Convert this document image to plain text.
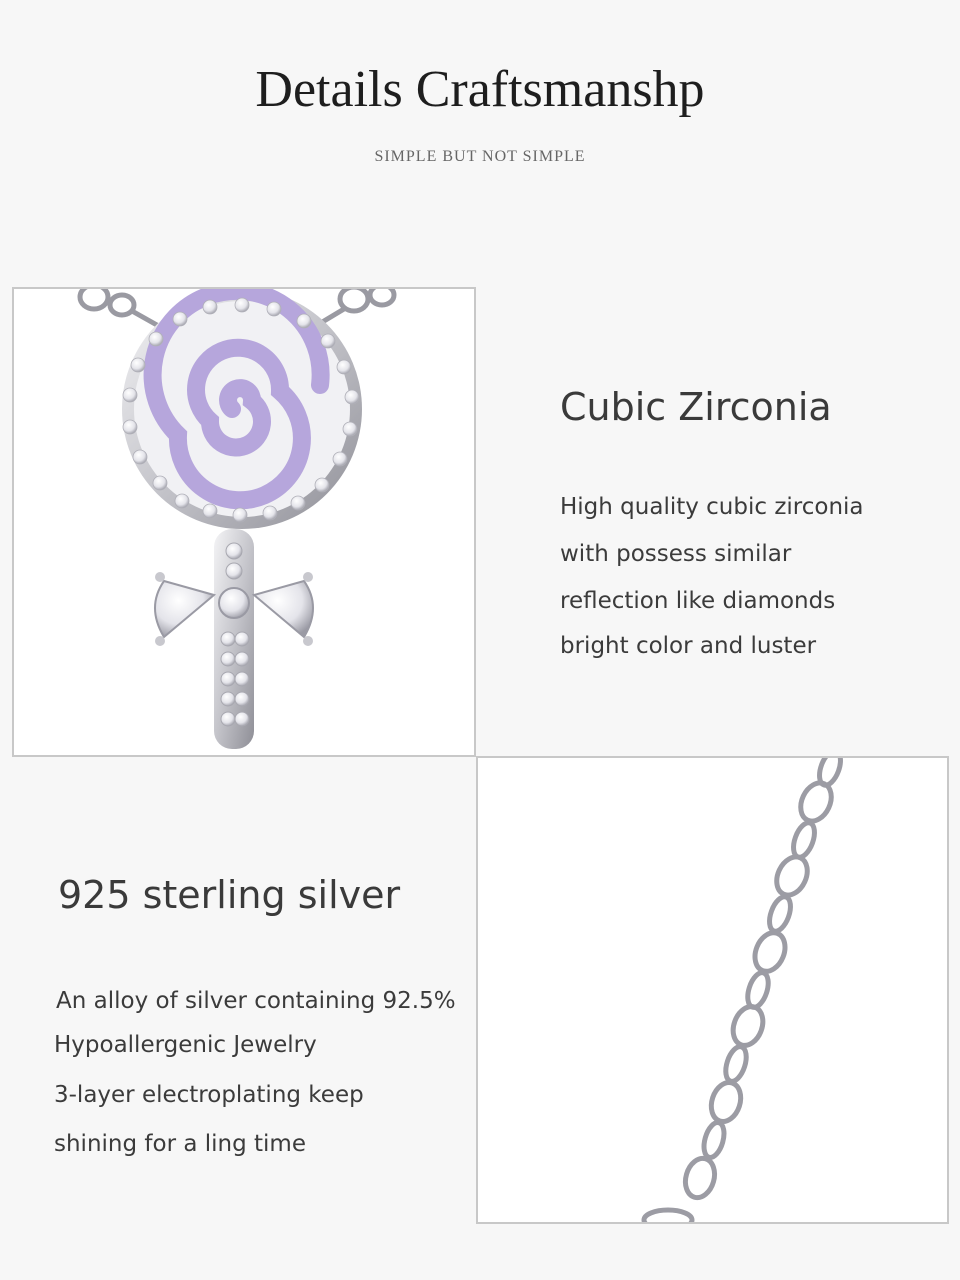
Details Craftsmanshp
SIMPLE BUT NOT SIMPLE
Cubic Zirconia
High quality cubic zirconia
with possess similar
reflection like diamonds
bright color and luster
925 sterling silver
An alloy of silver containing 92.5%
Hypoallergenic Jewelry
3-layer electroplating keep
shining for a ling time
